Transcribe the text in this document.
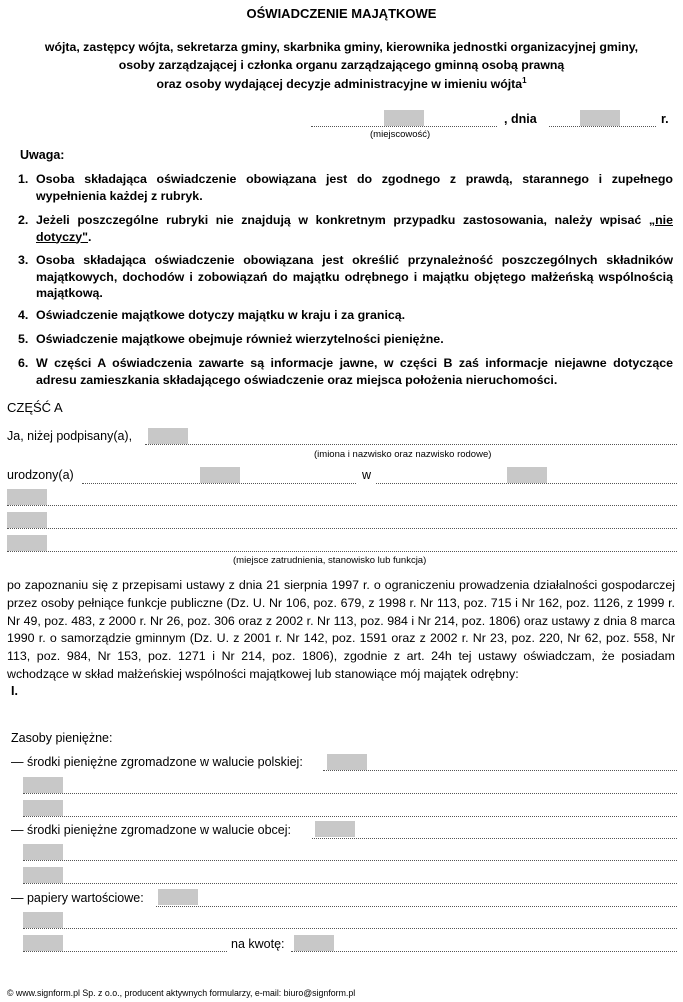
OŚWIADCZENIE MAJĄTKOWE
wójta, zastępcy wójta, sekretarza gminy, skarbnika gminy, kierownika jednostki organizacyjnej gminy,
osoby zarządzającej i członka organu zarządzającego gminną osobą prawną
oraz osoby wydającej decyzje administracyjne w imieniu wójta$^1$
, dnia	r.
(miejscowość)
Uwaga:
1. Osoba składająca oświadczenie obowiązana jest do zgodnego z prawdą, starannego i zupełnego wypełnienia każdej z rubryk.
2. Jeżeli poszczególne rubryki nie znajdują w konkretnym przypadku zastosowania, należy wpisać „nie dotyczy".
3. Osoba składająca oświadczenie obowiązana jest określić przynależność poszczególnych składników majątkowych, dochodów i zobowiązań do majątku odrębnego i majątku objętego małżeńską wspólnością majątkową.
4. Oświadczenie majątkowe dotyczy majątku w kraju i za granicą.
5. Oświadczenie majątkowe obejmuje również wierzytelności pieniężne.
6. W części A oświadczenia zawarte są informacje jawne, w części B zaś informacje niejawne dotyczące adresu zamieszkania składającego oświadczenie oraz miejsca położenia nieruchomości.
CZĘŚĆ A
Ja, niżej podpisany(a),
(imiona i nazwisko oraz nazwisko rodowe)
urodzony(a)	w
(miejsce zatrudnienia, stanowisko lub funkcja)
po zapoznaniu się z przepisami ustawy z dnia 21 sierpnia 1997 r. o ograniczeniu prowadzenia działalności gospodarczej przez osoby pełniące funkcje publiczne (Dz. U. Nr 106, poz. 679, z 1998 r. Nr 113, poz. 715 i Nr 162, poz. 1126, z 1999 r. Nr 49, poz. 483, z 2000 r. Nr 26, poz. 306 oraz z 2002 r. Nr 113, poz. 984 i Nr 214, poz. 1806) oraz ustawy z dnia 8 marca 1990 r. o samorządzie gminnym (Dz. U. z 2001 r. Nr 142, poz. 1591 oraz z 2002 r. Nr 23, poz. 220, Nr 62, poz. 558, Nr 113, poz. 984, Nr 153, poz. 1271 i Nr 214, poz. 1806), zgodnie z art. 24h tej ustawy oświadczam, że posiadam wchodzące w skład małżeńskiej wspólności majątkowej lub stanowiące mój majątek odrębny:
I.
Zasoby pieniężne:
— środki pieniężne zgromadzone w walucie polskiej:
— środki pieniężne zgromadzone w walucie obcej:
— papiery wartościowe:
na kwotę:
© www.signform.pl Sp. z o.o., producent aktywnych formularzy, e-mail: biuro@signform.pl
